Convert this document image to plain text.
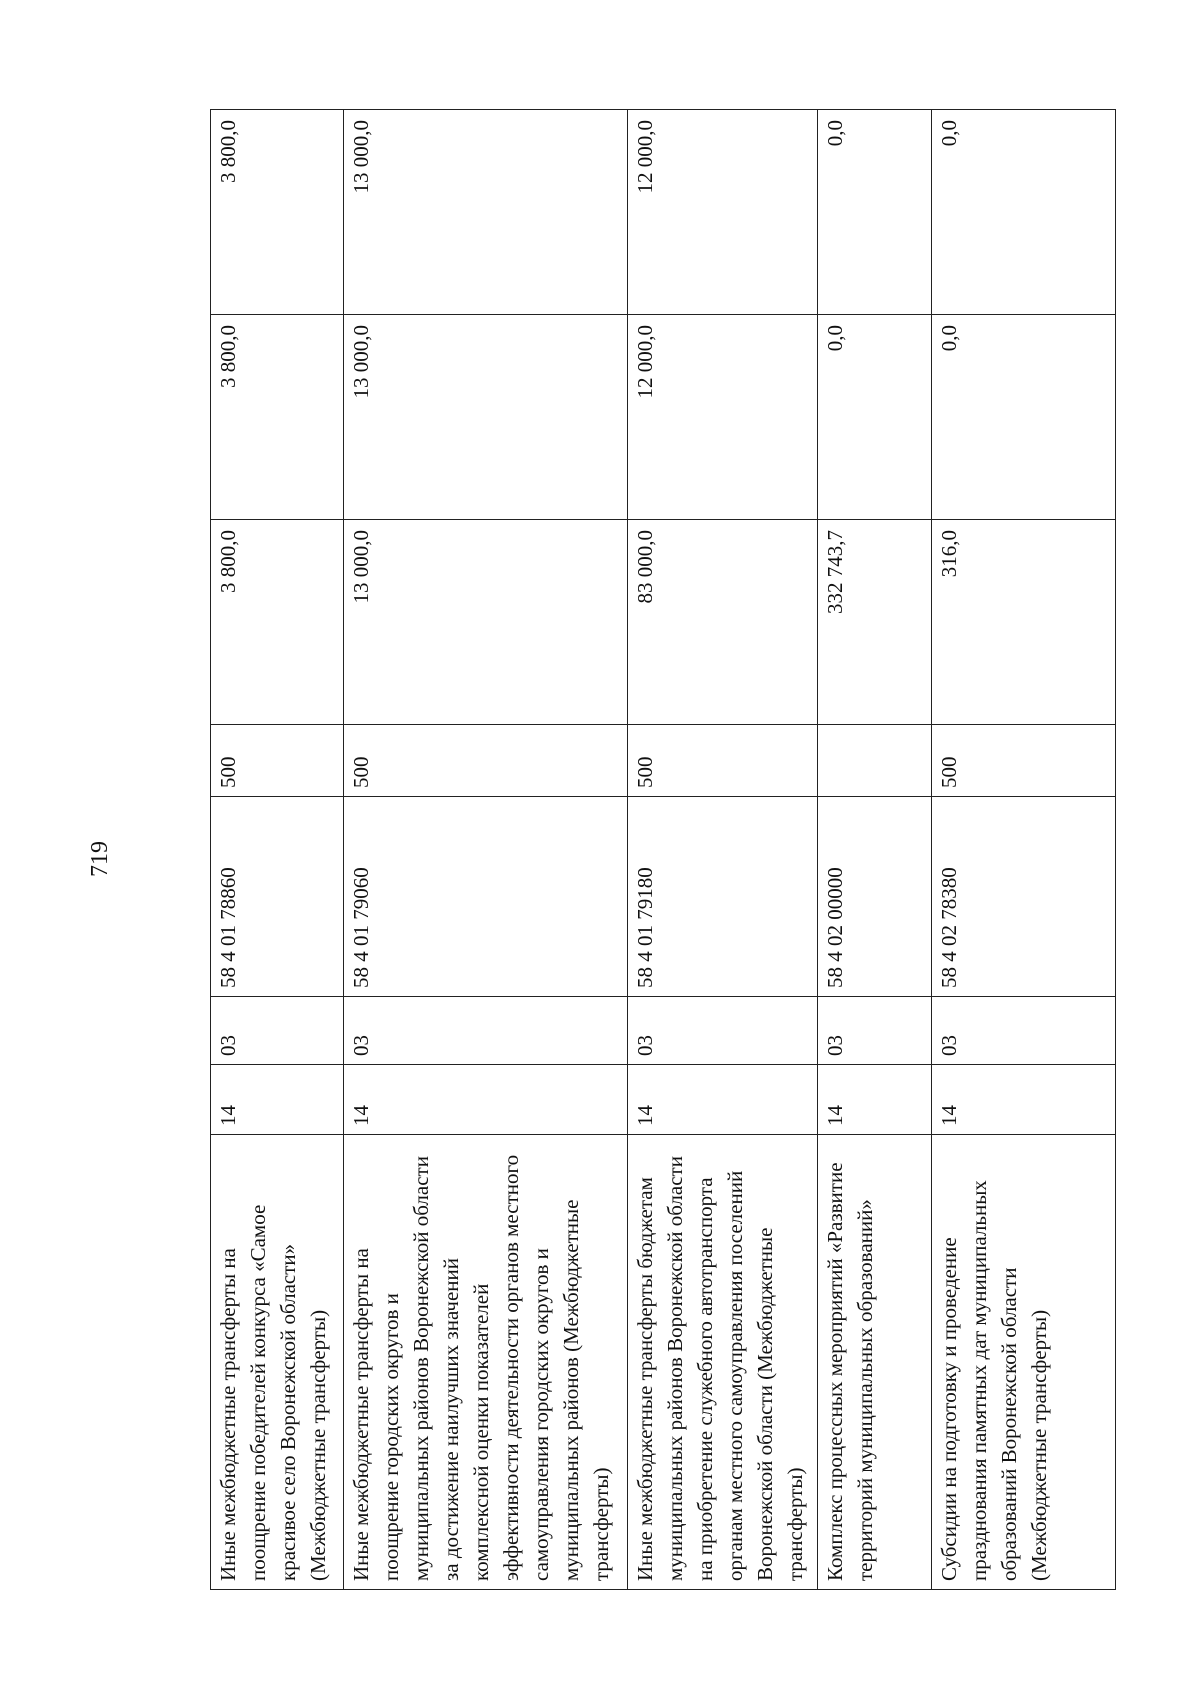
719
Иные межбюджетные трансферты на поощрение победителей конкурса «Самое красивое село Воронежской области» (Межбюджетные трансферты)	14	03	58 4 01 78860	500	3 800,0	3 800,0	3 800,0
Иные межбюджетные трансферты на поощрение городских округов и муниципальных районов Воронежской области за достижение наилучших значений комплексной оценки показателей эффективности деятельности органов местного самоуправления городских округов и муниципальных районов (Межбюджетные трансферты)	14	03	58 4 01 79060	500	13 000,0	13 000,0	13 000,0
Иные межбюджетные трансферты бюджетам муниципальных районов Воронежской области на приобретение служебного автотранспорта органам местного самоуправления поселений Воронежской области (Межбюджетные трансферты)	14	03	58 4 01 79180	500	83 000,0	12 000,0	12 000,0
Комплекс процессных мероприятий «Развитие территорий муниципальных образований»	14	03	58 4 02 00000		332 743,7	0,0	0,0
Субсидии на подготовку и проведение празднования памятных дат муниципальных образований Воронежской области (Межбюджетные трансферты)	14	03	58 4 02 78380	500	316,0	0,0	0,0
